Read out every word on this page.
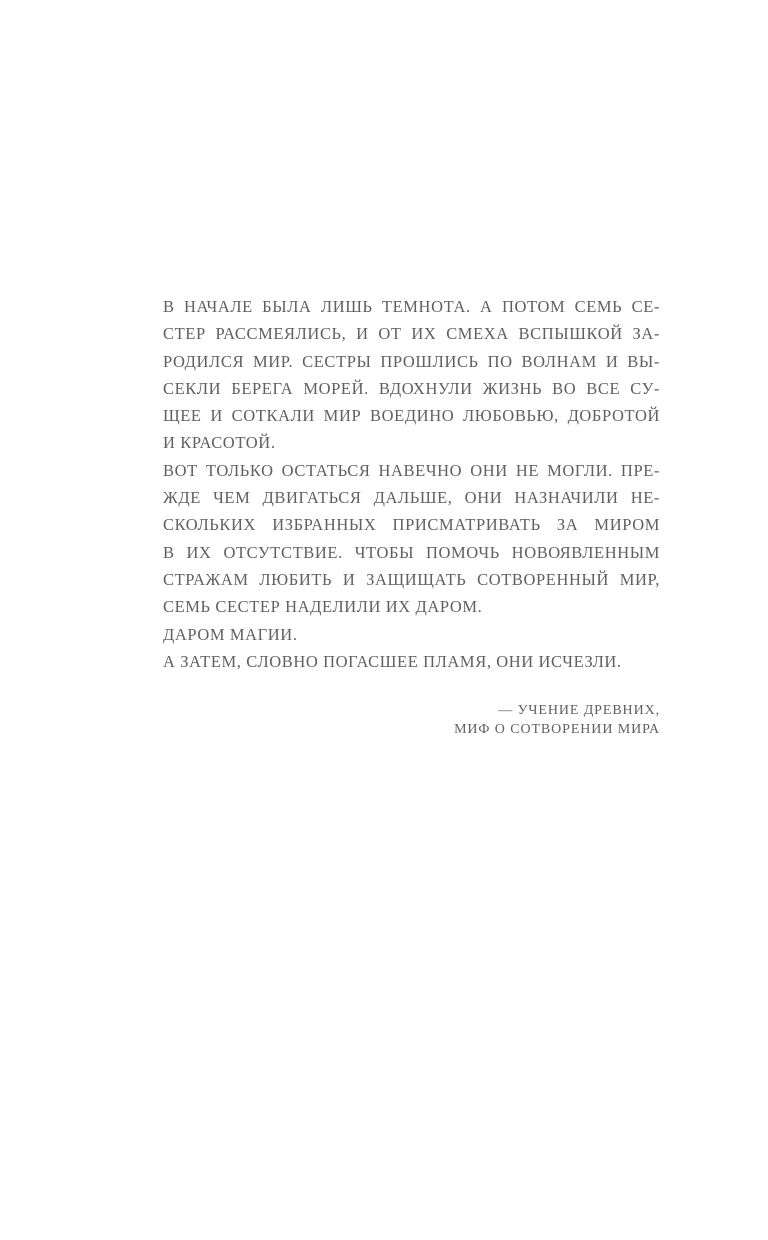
В НАЧАЛЕ БЫЛА ЛИШЬ ТЕМНОТА. А ПОТОМ СЕМЬ СЕ-
СТЕР РАССМЕЯЛИСЬ, И ОТ ИХ СМЕХА ВСПЫШКОЙ ЗА-
РОДИЛСЯ МИР. СЕСТРЫ ПРОШЛИСЬ ПО ВОЛНАМ И ВЫ-
СЕКЛИ БЕРЕГА МОРЕЙ. ВДОХНУЛИ ЖИЗНЬ ВО ВСЕ СУ-
ЩЕЕ И СОТКАЛИ МИР ВОЕДИНО ЛЮБОВЬЮ, ДОБРОТОЙ
И КРАСОТОЙ.
ВОТ ТОЛЬКО ОСТАТЬСЯ НАВЕЧНО ОНИ НЕ МОГЛИ. ПРЕ-
ЖДЕ ЧЕМ ДВИГАТЬСЯ ДАЛЬШЕ, ОНИ НАЗНАЧИЛИ НЕ-
СКОЛЬКИХ ИЗБРАННЫХ ПРИСМАТРИВАТЬ ЗА МИРОМ
В ИХ ОТСУТСТВИЕ. ЧТОБЫ ПОМОЧЬ НОВОЯВЛЕННЫМ
СТРАЖАМ ЛЮБИТЬ И ЗАЩИЩАТЬ СОТВОРЕННЫЙ МИР,
СЕМЬ СЕСТЕР НАДЕЛИЛИ ИХ ДАРОМ.
ДАРОМ МАГИИ.
А ЗАТЕМ, СЛОВНО ПОГАСШЕЕ ПЛАМЯ, ОНИ ИСЧЕЗЛИ.
— УЧЕНИЕ ДРЕВНИХ,
МИФ О СОТВОРЕНИИ МИРА
